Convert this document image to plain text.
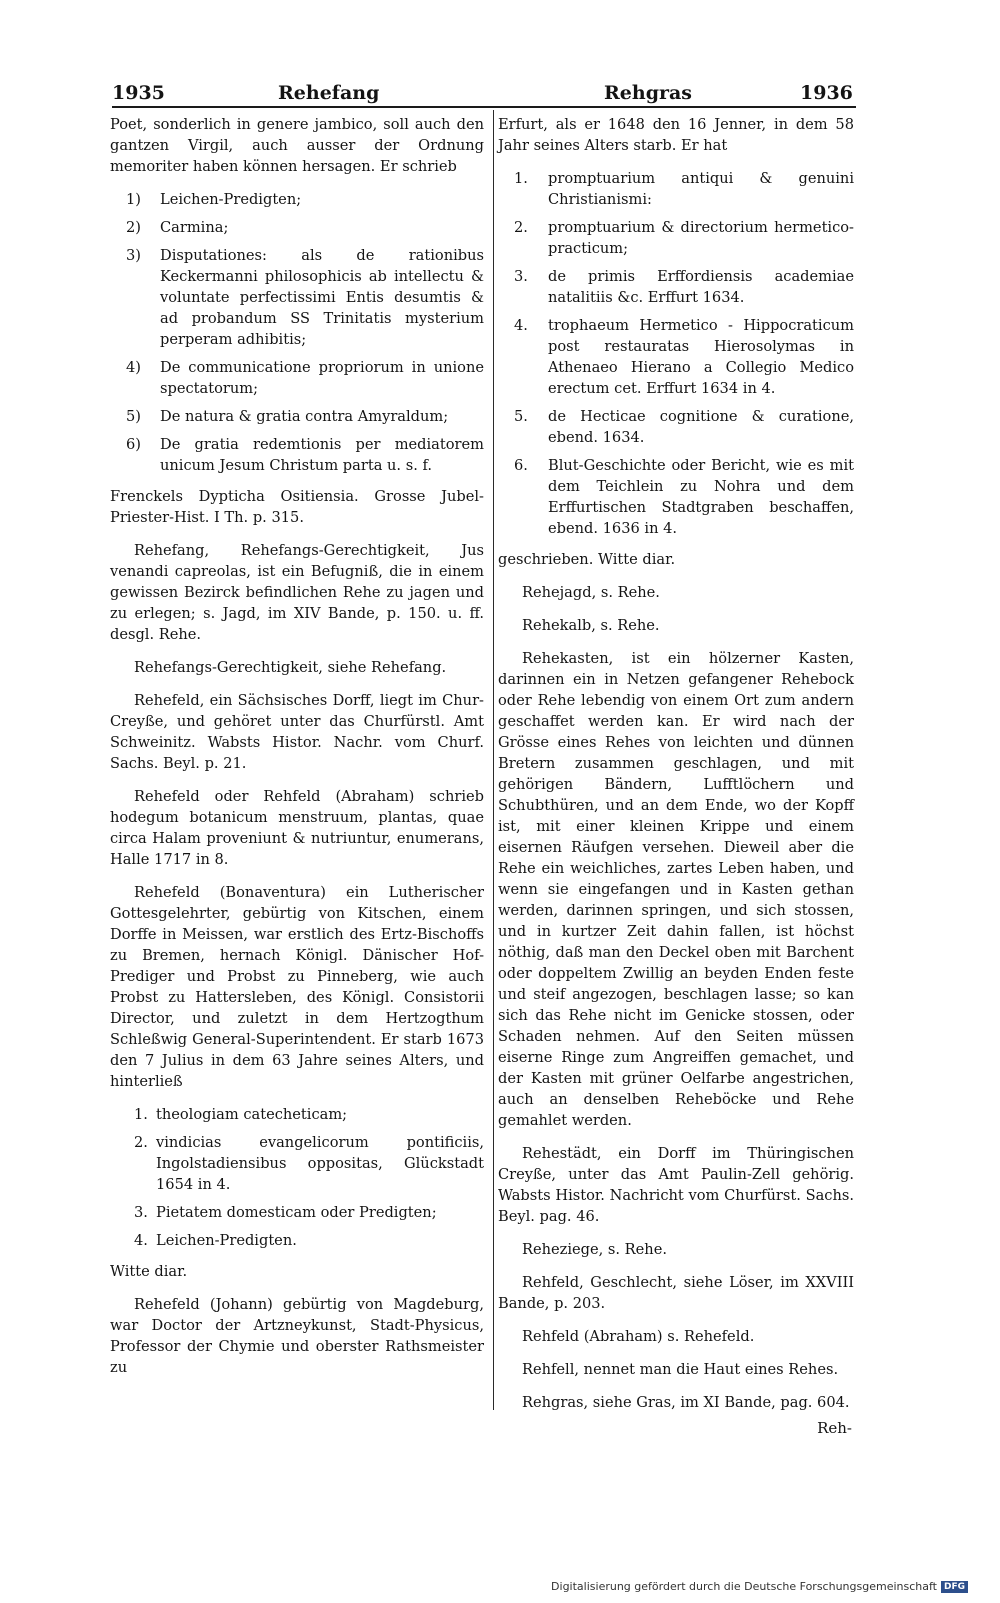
1935	Rehefang	Rehgras	1936

Poet, sonderlich in genere jambico, soll auch den gantzen Virgil, auch ausser der Ordnung memoriter haben können hersagen. Er schrieb

1) Leichen-Predigten;
2) Carmina;
3) Disputationes: als de rationibus Keckermanni philosophicis ab intellectu & voluntate perfectissimi Entis desumtis & ad probandum SS Trinitatis mysterium perperam adhibitis;
4) De communicatione propriorum in unione spectatorum;
5) De natura & gratia contra Amyraldum;
6) De gratia redemtionis per mediatorem unicum Jesum Christum parta u. s. f.

Frenckels Dypticha Ositiensia. Grosse Jubel-Priester-Hist. I Th. p. 315.

Rehefang, Rehefangs-Gerechtigkeit, Jus venandi capreolas, ist ein Befugniß, die in einem gewissen Bezirck befindlichen Rehe zu jagen und zu erlegen; s. Jagd, im XIV Bande, p. 150. u. ff. desgl. Rehe.

Rehefangs-Gerechtigkeit, siehe Rehefang.

Rehefeld, ein Sächsisches Dorff, liegt im Chur-Creyße, und gehöret unter das Churfürstl. Amt Schweinitz. Wabsts Histor. Nachr. vom Churf. Sachs. Beyl. p. 21.

Rehefeld oder Rehfeld (Abraham) schrieb hodegum botanicum menstruum, plantas, quae circa Halam proveniunt & nutriuntur, enumerans, Halle 1717 in 8.

Rehefeld (Bonaventura) ein Lutherischer Gottesgelehrter, gebürtig von Kitschen, einem Dorffe in Meissen, war erstlich des Ertz-Bischoffs zu Bremen, hernach Königl. Dänischer Hof-Prediger und Probst zu Pinneberg, wie auch Probst zu Hattersleben, des Königl. Consistorii Director, und zuletzt in dem Hertzogthum Schleßwig General-Superintendent. Er starb 1673 den 7 Julius in dem 63 Jahre seines Alters, und hinterließ

1. theologiam catecheticam;
2. vindicias evangelicorum pontificiis, Ingolstadiensibus oppositas, Glückstadt 1654 in 4.
3. Pietatem domesticam oder Predigten;
4. Leichen-Predigten.

Witte diar.

Rehefeld (Johann) gebürtig von Magdeburg, war Doctor der Artzneykunst, Stadt-Physicus, Professor der Chymie und oberster Rathsmeister zu

Erfurt, als er 1648 den 16 Jenner, in dem 58 Jahr seines Alters starb. Er hat

1. promptuarium antiqui & genuini Christianismi:
2. promptuarium & directorium hermetico-practicum;
3. de primis Erffordiensis academiae natalitiis &c. Erffurt 1634.
4. trophaeum Hermetico - Hippocraticum post restauratas Hierosolymas in Athenaeo Hierano a Collegio Medico erectum cet. Erffurt 1634 in 4.
5. de Hecticae cognitione & curatione, ebend. 1634.
6. Blut-Geschichte oder Bericht, wie es mit dem Teichlein zu Nohra und dem Erffurtischen Stadtgraben beschaffen, ebend. 1636 in 4.

geschrieben. Witte diar.

Rehejagd, s. Rehe.

Rehekalb, s. Rehe.

Rehekasten, ist ein hölzerner Kasten, darinnen ein in Netzen gefangener Rehebock oder Rehe lebendig von einem Ort zum andern geschaffet werden kan. Er wird nach der Grösse eines Rehes von leichten und dünnen Bretern zusammen geschlagen, und mit gehörigen Bändern, Lufftlöchern und Schubthüren, und an dem Ende, wo der Kopff ist, mit einer kleinen Krippe und einem eisernen Räufgen versehen. Dieweil aber die Rehe ein weichliches, zartes Leben haben, und wenn sie eingefangen und in Kasten gethan werden, darinnen springen, und sich stossen, und in kurtzer Zeit dahin fallen, ist höchst nöthig, daß man den Deckel oben mit Barchent oder doppeltem Zwillig an beyden Enden feste und steif angezogen, beschlagen lasse; so kan sich das Rehe nicht im Genicke stossen, oder Schaden nehmen. Auf den Seiten müssen eiserne Ringe zum Angreiffen gemachet, und der Kasten mit grüner Oelfarbe angestrichen, auch an denselben Reheböcke und Rehe gemahlet werden.

Rehestädt, ein Dorff im Thüringischen Creyße, unter das Amt Paulin-Zell gehörig. Wabsts Histor. Nachricht vom Churfürst. Sachs. Beyl. pag. 46.

Reheziege, s. Rehe.

Rehfeld, Geschlecht, siehe Löser, im XXVIII Bande, p. 203.

Rehfeld (Abraham) s. Rehefeld.

Rehfell, nennet man die Haut eines Rehes.

Rehgras, siehe Gras, im XI Bande, pag. 604.

Reh-
Digitalisierung gefördert durch die Deutsche Forschungsgemeinschaft DFG
